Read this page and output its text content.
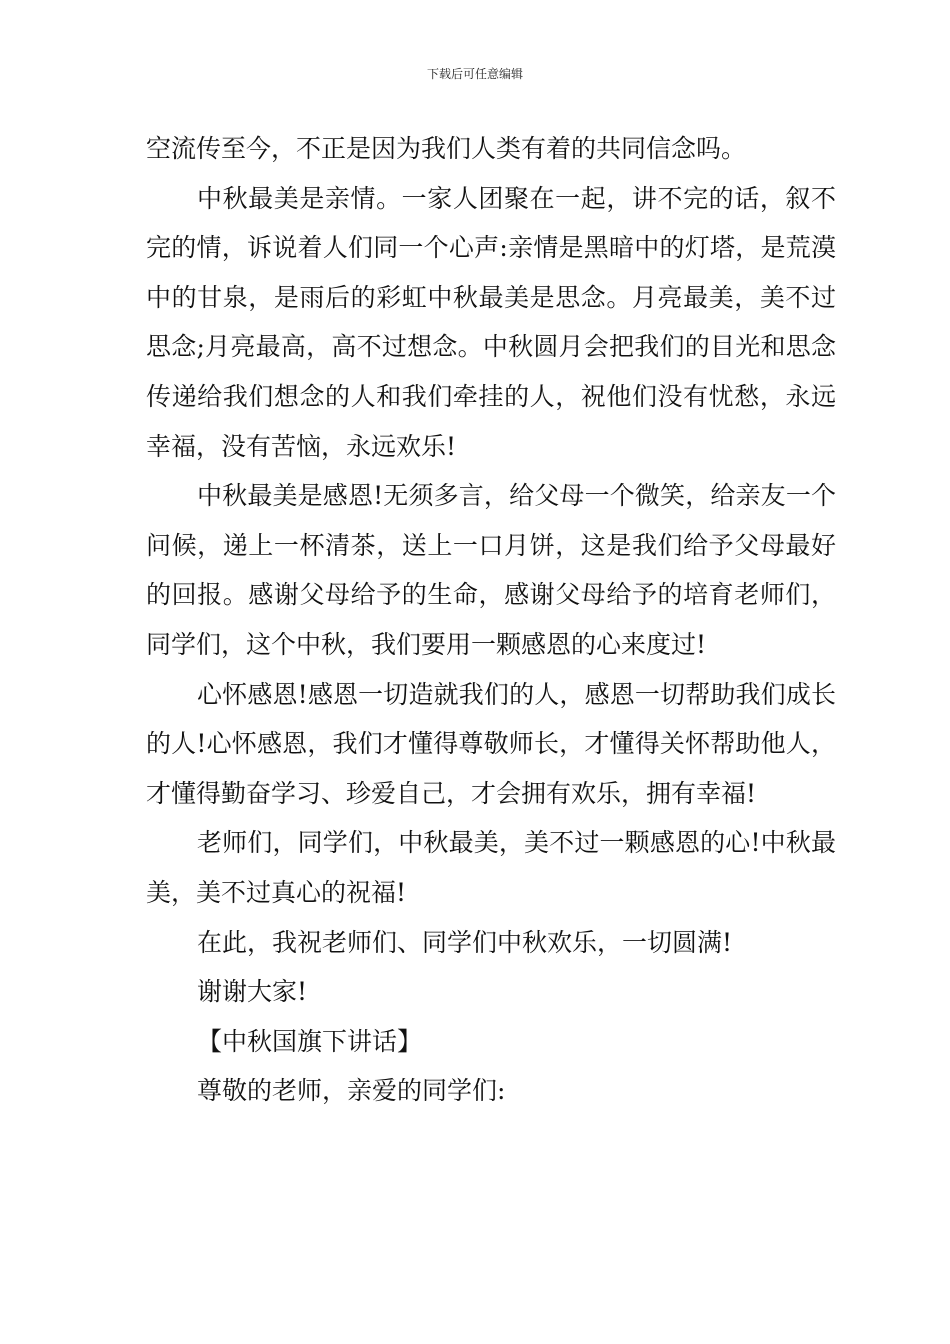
下载后可任意编辑

空流传至今，不正是因为我们人类有着的共同信念吗。

中秋最美是亲情。一家人团聚在一起，讲不完的话，叙不完的情，诉说着人们同一个心声:亲情是黑暗中的灯塔，是荒漠中的甘泉，是雨后的彩虹中秋最美是思念。月亮最美，美不过思念;月亮最高，高不过想念。中秋圆月会把我们的目光和思念传递给我们想念的人和我们牵挂的人，祝他们没有忧愁，永远幸福，没有苦恼，永远欢乐!

中秋最美是感恩!无须多言，给父母一个微笑，给亲友一个问候，递上一杯清茶，送上一口月饼，这是我们给予父母最好的回报。感谢父母给予的生命，感谢父母给予的培育老师们，同学们，这个中秋，我们要用一颗感恩的心来度过!

心怀感恩!感恩一切造就我们的人，感恩一切帮助我们成长的人!心怀感恩，我们才懂得尊敬师长，才懂得关怀帮助他人，才懂得勤奋学习、珍爱自己，才会拥有欢乐，拥有幸福!

老师们，同学们，中秋最美，美不过一颗感恩的心!中秋最美，美不过真心的祝福!

在此，我祝老师们、同学们中秋欢乐，一切圆满!

谢谢大家!

【中秋国旗下讲话】

尊敬的老师，亲爱的同学们:
